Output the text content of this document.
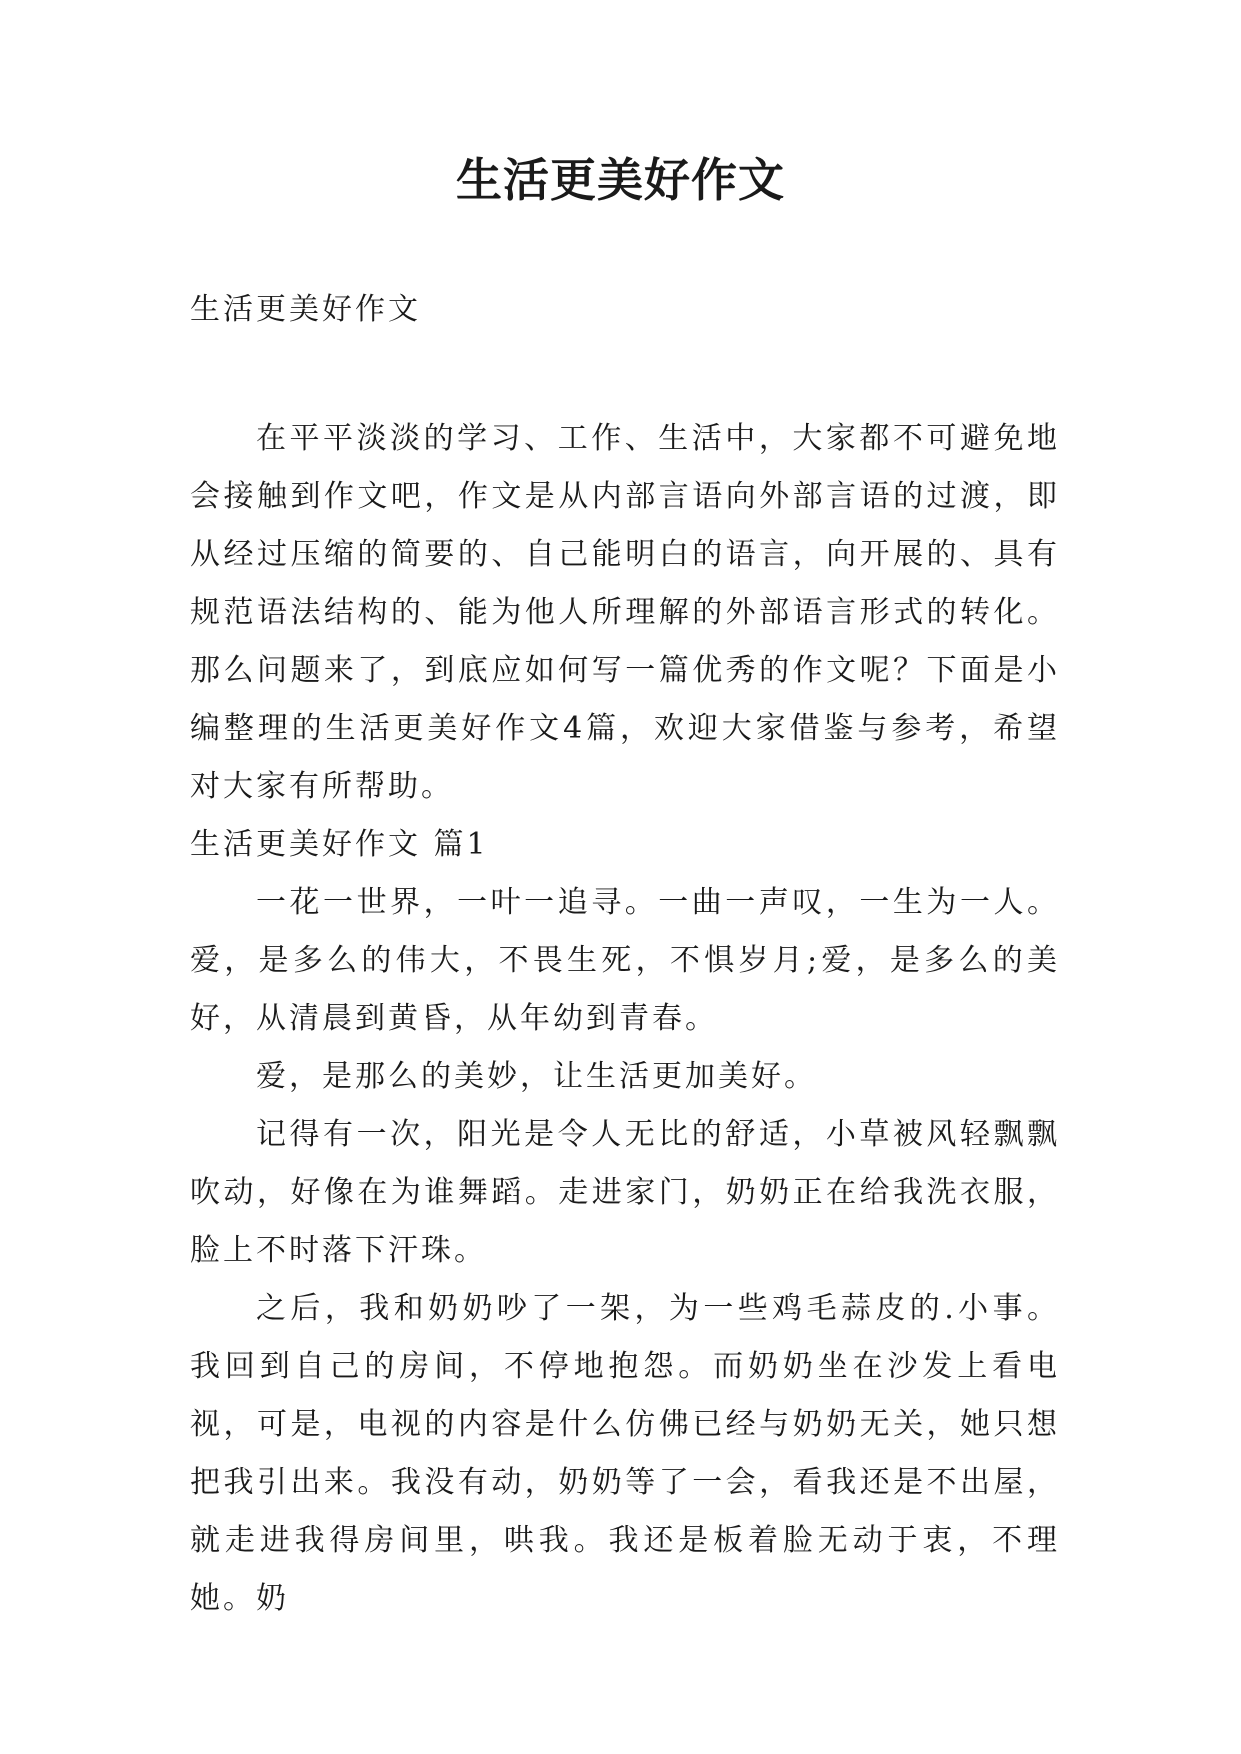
生活更美好作文

生活更美好作文

在平平淡淡的学习、工作、生活中，大家都不可避免地会接触到作文吧，作文是从内部言语向外部言语的过渡，即从经过压缩的简要的、自己能明白的语言，向开展的、具有规范语法结构的、能为他人所理解的外部语言形式的转化。那么问题来了，到底应如何写一篇优秀的作文呢？下面是小编整理的生活更美好作文4篇，欢迎大家借鉴与参考，希望对大家有所帮助。

生活更美好作文 篇1

一花一世界，一叶一追寻。一曲一声叹，一生为一人。爱，是多么的伟大，不畏生死，不惧岁月;爱，是多么的美好，从清晨到黄昏，从年幼到青春。

爱，是那么的美妙，让生活更加美好。

记得有一次，阳光是令人无比的舒适，小草被风轻飘飘吹动，好像在为谁舞蹈。走进家门，奶奶正在给我洗衣服，脸上不时落下汗珠。

之后，我和奶奶吵了一架，为一些鸡毛蒜皮的.小事。我回到自己的房间，不停地抱怨。而奶奶坐在沙发上看电视，可是，电视的内容是什么仿佛已经与奶奶无关，她只想把我引出来。我没有动，奶奶等了一会，看我还是不出屋，就走进我得房间里，哄我。我还是板着脸无动于衷，不理她。奶
